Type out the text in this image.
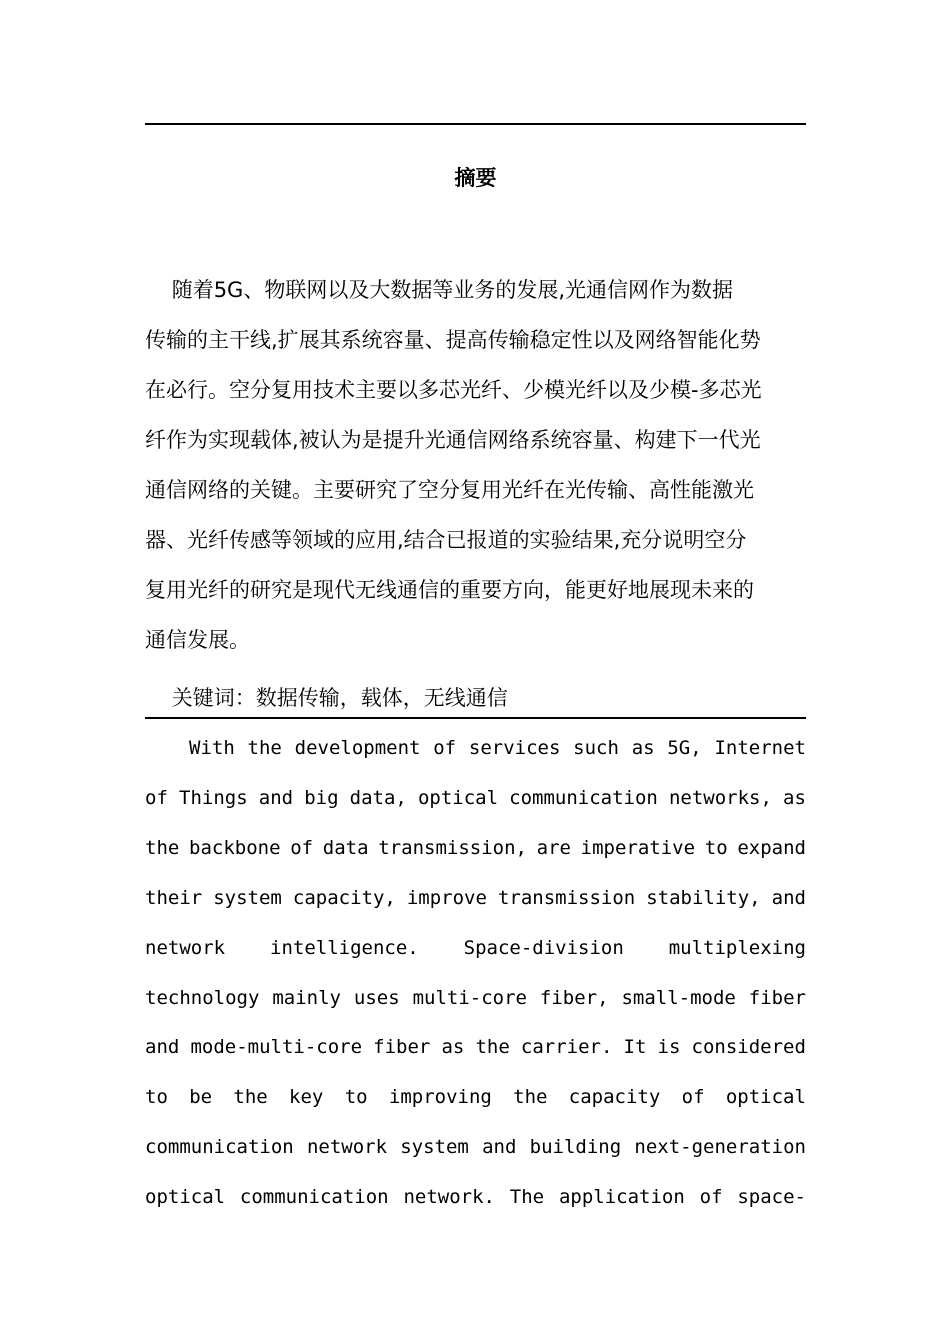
摘要
随着5G、物联网以及大数据等业务的发展,光通信网作为数据
传输的主干线,扩展其系统容量、提高传输稳定性以及网络智能化势
在必行。空分复用技术主要以多芯光纤、少模光纤以及少模-多芯光
纤作为实现载体,被认为是提升光通信网络系统容量、构建下一代光
通信网络的关键。主要研究了空分复用光纤在光传输、高性能激光
器、光纤传感等领域的应用,结合已报道的实验结果,充分说明空分
复用光纤的研究是现代无线通信的重要方向，能更好地展现未来的
通信发展。
关键词：数据传输，载体，无线通信
With the development of services such as 5G, Internet
of Things and big data, optical communication networks, as
the backbone of data transmission, are imperative to expand
their system capacity, improve transmission stability, and
network intelligence. Space-division multiplexing
technology mainly uses multi-core fiber, small-mode fiber
and mode-multi-core fiber as the carrier. It is considered
to be the key to improving the capacity of optical
communication network system and building next-generation
optical communication network. The application of space-
